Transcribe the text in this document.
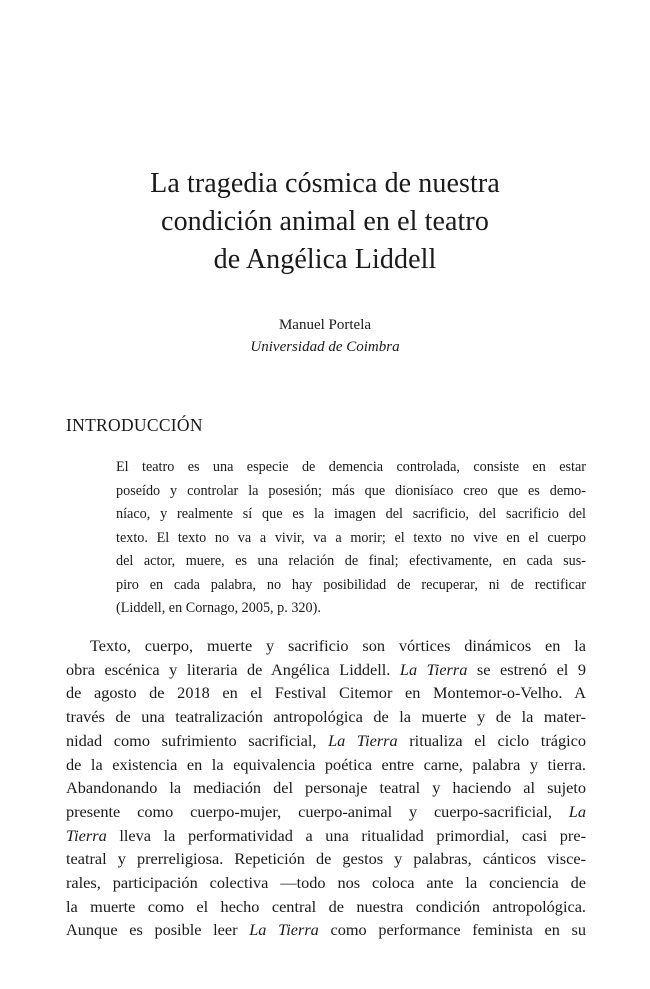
La tragedia cósmica de nuestra
condición animal en el teatro
de Angélica Liddell
Manuel Portela
Universidad de Coimbra
INTRODUCCIÓN
El teatro es una especie de demencia controlada, consiste en estar
poseído y controlar la posesión; más que dionisíaco creo que es demo-
níaco, y realmente sí que es la imagen del sacrificio, del sacrificio del
texto. El texto no va a vivir, va a morir; el texto no vive en el cuerpo
del actor, muere, es una relación de final; efectivamente, en cada sus-
piro en cada palabra, no hay posibilidad de recuperar, ni de rectificar
(Liddell, en Cornago, 2005, p. 320).
Texto, cuerpo, muerte y sacrificio son vórtices dinámicos en la
obra escénica y literaria de Angélica Liddell. La Tierra se estrenó el 9
de agosto de 2018 en el Festival Citemor en Montemor-o-Velho. A
través de una teatralización antropológica de la muerte y de la mater-
nidad como sufrimiento sacrificial, La Tierra ritualiza el ciclo trágico
de la existencia en la equivalencia poética entre carne, palabra y tierra.
Abandonando la mediación del personaje teatral y haciendo al sujeto
presente como cuerpo-mujer, cuerpo-animal y cuerpo-sacrificial, La
Tierra lleva la performatividad a una ritualidad primordial, casi pre-
teatral y prerreligiosa. Repetición de gestos y palabras, cánticos visce-
rales, participación colectiva —todo nos coloca ante la conciencia de
la muerte como el hecho central de nuestra condición antropológica.
Aunque es posible leer La Tierra como performance feminista en su
